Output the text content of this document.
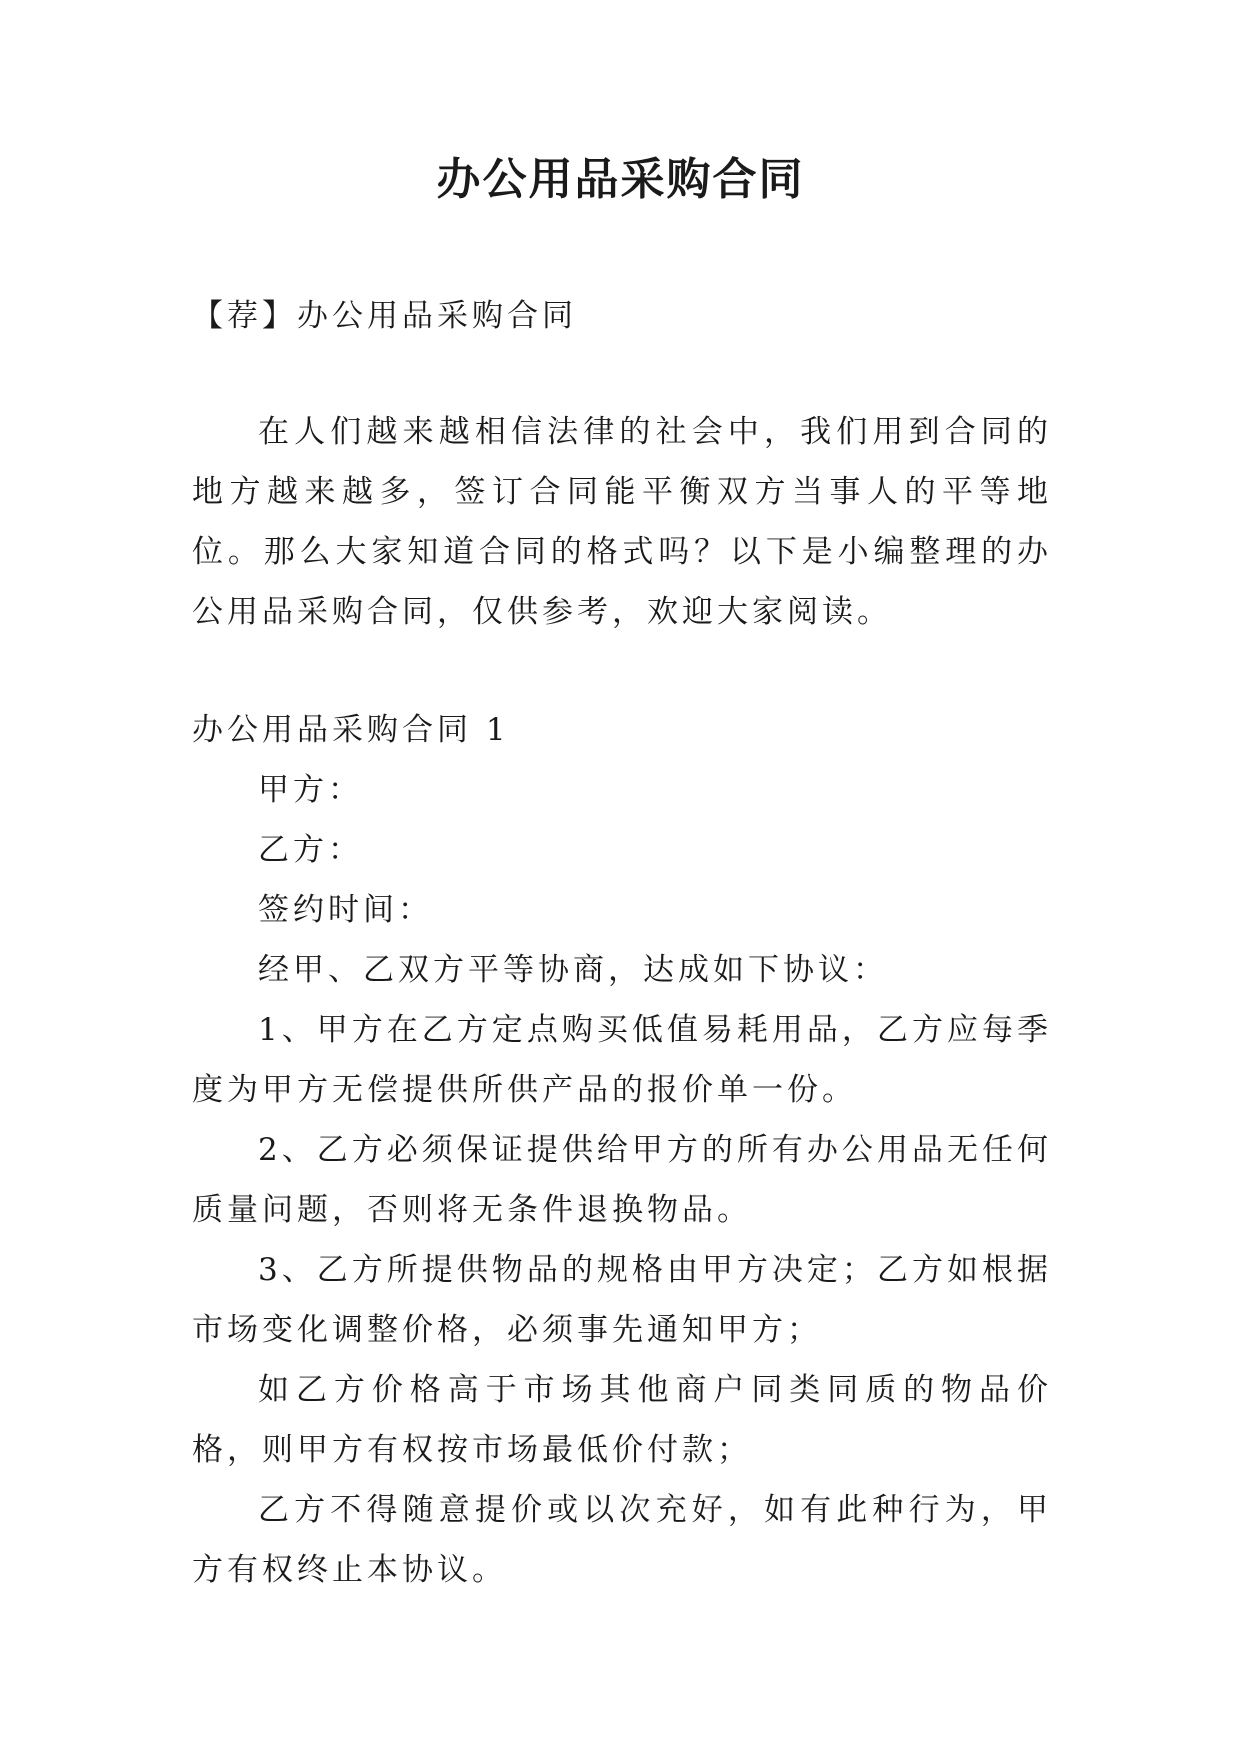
办公用品采购合同

【荐】办公用品采购合同

在人们越来越相信法律的社会中，我们用到合同的地方越来越多，签订合同能平衡双方当事人的平等地位。那么大家知道合同的格式吗？以下是小编整理的办公用品采购合同，仅供参考，欢迎大家阅读。

办公用品采购合同 1

甲方：
乙方：
签约时间：
经甲、乙双方平等协商，达成如下协议：
1、甲方在乙方定点购买低值易耗用品，乙方应每季度为甲方无偿提供所供产品的报价单一份。
2、乙方必须保证提供给甲方的所有办公用品无任何质量问题，否则将无条件退换物品。
3、乙方所提供物品的规格由甲方决定；乙方如根据市场变化调整价格，必须事先通知甲方；
如乙方价格高于市场其他商户同类同质的物品价格，则甲方有权按市场最低价付款；
乙方不得随意提价或以次充好，如有此种行为，甲方有权终止本协议。
